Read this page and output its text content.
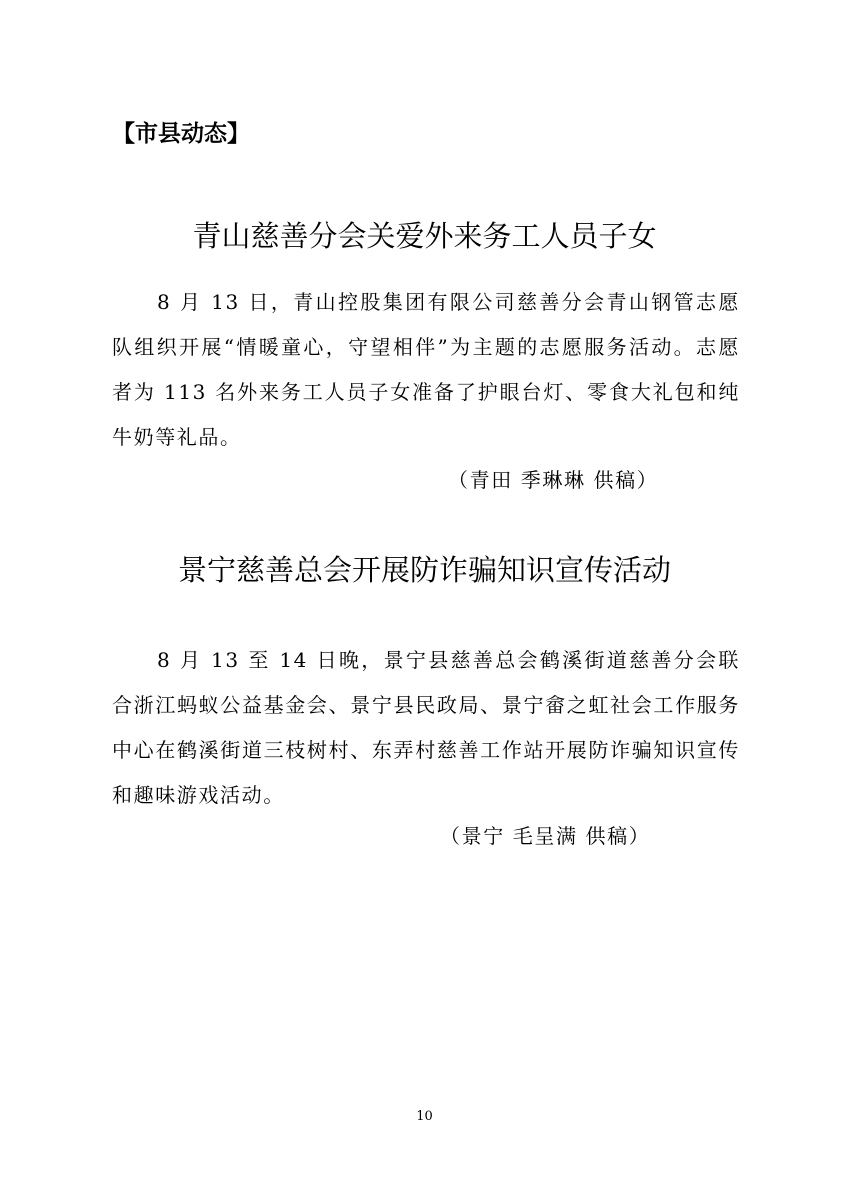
【市县动态】
青山慈善分会关爱外来务工人员子女

8 月 13 日，青山控股集团有限公司慈善分会青山钢管志愿队组织开展“情暖童心，守望相伴”为主题的志愿服务活动。志愿者为 113 名外来务工人员子女准备了护眼台灯、零食大礼包和纯牛奶等礼品。

（青田 季琳琳 供稿）
景宁慈善总会开展防诈骗知识宣传活动

8 月 13 至 14 日晚，景宁县慈善总会鹤溪街道慈善分会联合浙江蚂蚁公益基金会、景宁县民政局、景宁畲之虹社会工作服务中心在鹤溪街道三枝树村、东弄村慈善工作站开展防诈骗知识宣传和趣味游戏活动。

（景宁 毛呈满 供稿）
10
